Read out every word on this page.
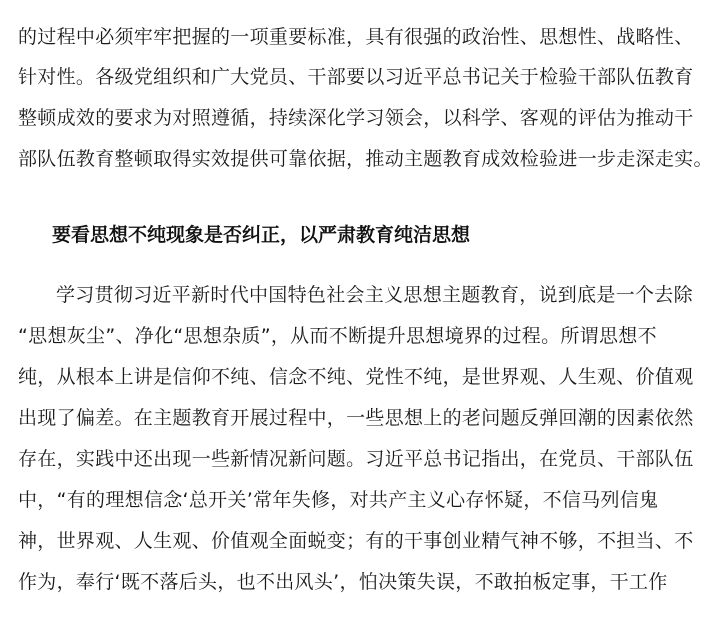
的过程中必须牢牢把握的一项重要标准，具有很强的政治性、思想性、战略性、
针对性。各级党组织和广大党员、干部要以习近平总书记关于检验干部队伍教育
整顿成效的要求为对照遵循，持续深化学习领会，以科学、客观的评估为推动干
部队伍教育整顿取得实效提供可靠依据，推动主题教育成效检验进一步走深走实。
要看思想不纯现象是否纠正，以严肃教育纯洁思想
学习贯彻习近平新时代中国特色社会主义思想主题教育，说到底是一个去除
“思想灰尘”、净化“思想杂质”，从而不断提升思想境界的过程。所谓思想不
纯，从根本上讲是信仰不纯、信念不纯、党性不纯，是世界观、人生观、价值观
出现了偏差。在主题教育开展过程中，一些思想上的老问题反弹回潮的因素依然
存在，实践中还出现一些新情况新问题。习近平总书记指出，在党员、干部队伍
中，“有的理想信念‘总开关’常年失修，对共产主义心存怀疑，不信马列信鬼
神，世界观、人生观、价值观全面蜕变；有的干事创业精气神不够，不担当、不
作为，奉行‘既不落后头，也不出风头’，怕决策失误，不敢拍板定事，干工作
